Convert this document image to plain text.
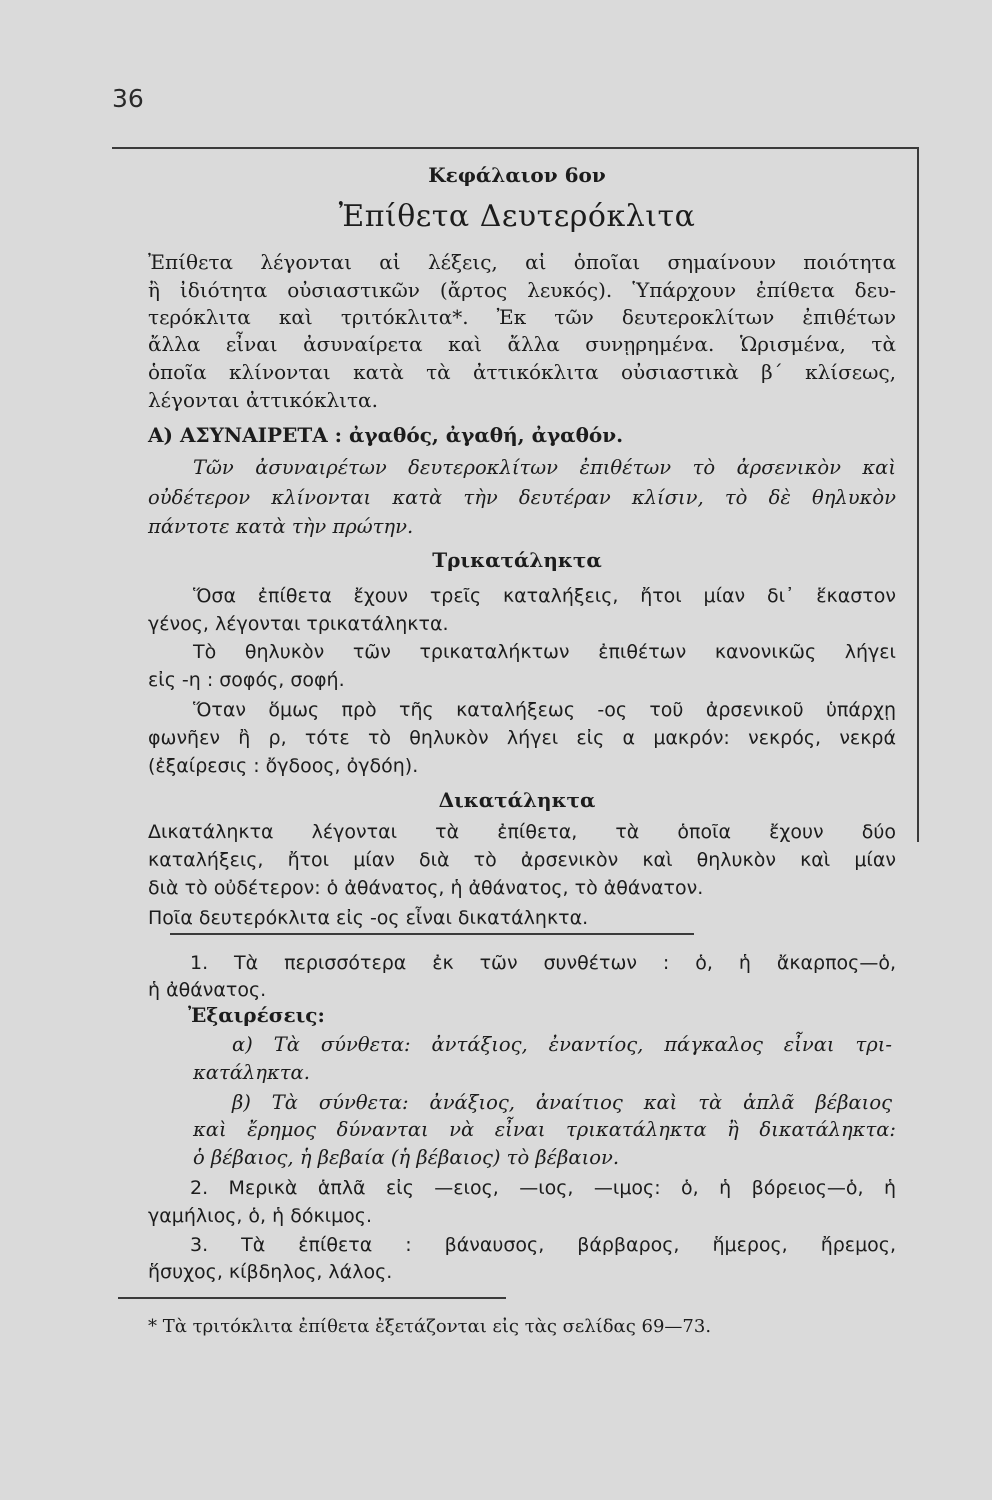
36
Κεφάλαιον 6ον
Ἐπίθετα Δευτερόκλιτα
Ἐπίθετα λέγονται αἱ λέξεις, αἱ ὁποῖαι σημαίνουν ποιότητα
ἢ ἰδιότητα οὐσιαστικῶν (ἄρτος λευκός). Ὑπάρχουν ἐπίθετα δευ-
τερόκλιτα καὶ τριτόκλιτα*. Ἐκ τῶν δευτεροκλίτων ἐπιθέτων
ἄλλα εἶναι ἀσυναίρετα καὶ ἄλλα συνῃρημένα. Ὡρισμένα, τὰ
ὁποῖα κλίνονται κατὰ τὰ ἀττικόκλιτα οὐσιαστικὰ β΄ κλίσεως,
λέγονται ἀττικόκλιτα.
Α) ΑΣΥΝΑΙΡΕΤΑ : ἀγαθός, ἀγαθή, ἀγαθόν.
Τῶν ἀσυναιρέτων δευτεροκλίτων ἐπιθέτων τὸ ἀρσενικὸν καὶ
οὐδέτερον κλίνονται κατὰ τὴν δευτέραν κλίσιν, τὸ δὲ θηλυκὸν
πάντοτε κατὰ τὴν πρώτην.
Τρικατάληκτα
Ὅσα ἐπίθετα ἔχουν τρεῖς καταλήξεις, ἤτοι μίαν δι᾽ ἕκαστον
γένος, λέγονται τρικατάληκτα.
Τὸ θηλυκὸν τῶν τρικαταλήκτων ἐπιθέτων κανονικῶς λήγει
εἰς -η : σοφός, σοφή.
Ὅταν ὅμως πρὸ τῆς καταλήξεως -ος τοῦ ἀρσενικοῦ ὑπάρχῃ
φωνῆεν ἢ ρ, τότε τὸ θηλυκὸν λήγει εἰς α μακρόν: νεκρός, νεκρά
(ἐξαίρεσις : ὄγδοος, ὀγδόη).
Δικατάληκτα
Δικατάληκτα λέγονται τὰ ἐπίθετα, τὰ ὁποῖα ἔχουν δύο
καταλήξεις, ἤτοι μίαν διὰ τὸ ἀρσενικὸν καὶ θηλυκὸν καὶ μίαν
διὰ τὸ οὐδέτερον: ὁ ἀθάνατος, ἡ ἀθάνατος, τὸ ἀθάνατον.
Ποῖα δευτερόκλιτα εἰς -ος εἶναι δικατάληκτα.
1. Τὰ περισσότερα ἐκ τῶν συνθέτων : ὁ, ἡ ἄκαρπος—ὁ,
ἡ ἀθάνατος.
Ἐξαιρέσεις:
α) Τὰ σύνθετα: ἀντάξιος, ἐναντίος, πάγκαλος εἶναι τρι-
κατάληκτα.
β) Τὰ σύνθετα: ἀνάξιος, ἀναίτιος καὶ τὰ ἁπλᾶ βέβαιος
καὶ ἔρημος δύνανται νὰ εἶναι τρικατάληκτα ἢ δικατάληκτα:
ὁ βέβαιος, ἡ βεβαία (ἡ βέβαιος) τὸ βέβαιον.
2. Μερικὰ ἁπλᾶ εἰς —ειος, —ιος, —ιμος: ὁ, ἡ βόρειος—ὁ, ἡ
γαμήλιος, ὁ, ἡ δόκιμος.
3. Τὰ ἐπίθετα : βάναυσος, βάρβαρος, ἥμερος, ἤρεμος,
ἥσυχος, κίβδηλος, λάλος.
* Τὰ τριτόκλιτα ἐπίθετα ἐξετάζονται εἰς τὰς σελίδας 69—73.
